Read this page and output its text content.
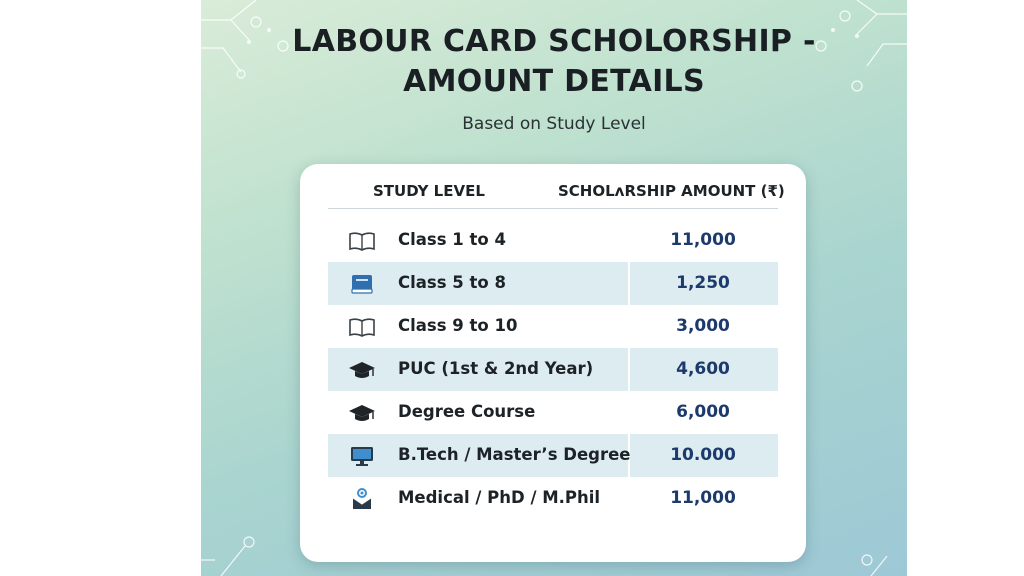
LABOUR CARD SCHOLORSHIP -
AMOUNT DETAILS
Based on Study Level
STUDY LEVEL	SCHOLʌRSHIP AMOUNT (₹)
Class 1 to 4	11,000
Class 5 to 8	1,250
Class 9 to 10	3,000
PUC (1st & 2nd Year)	4,600
Degree Course	6,000
B.Tech / Master’s Degree	10.000
Medical / PhD / M.Phil	11,000
